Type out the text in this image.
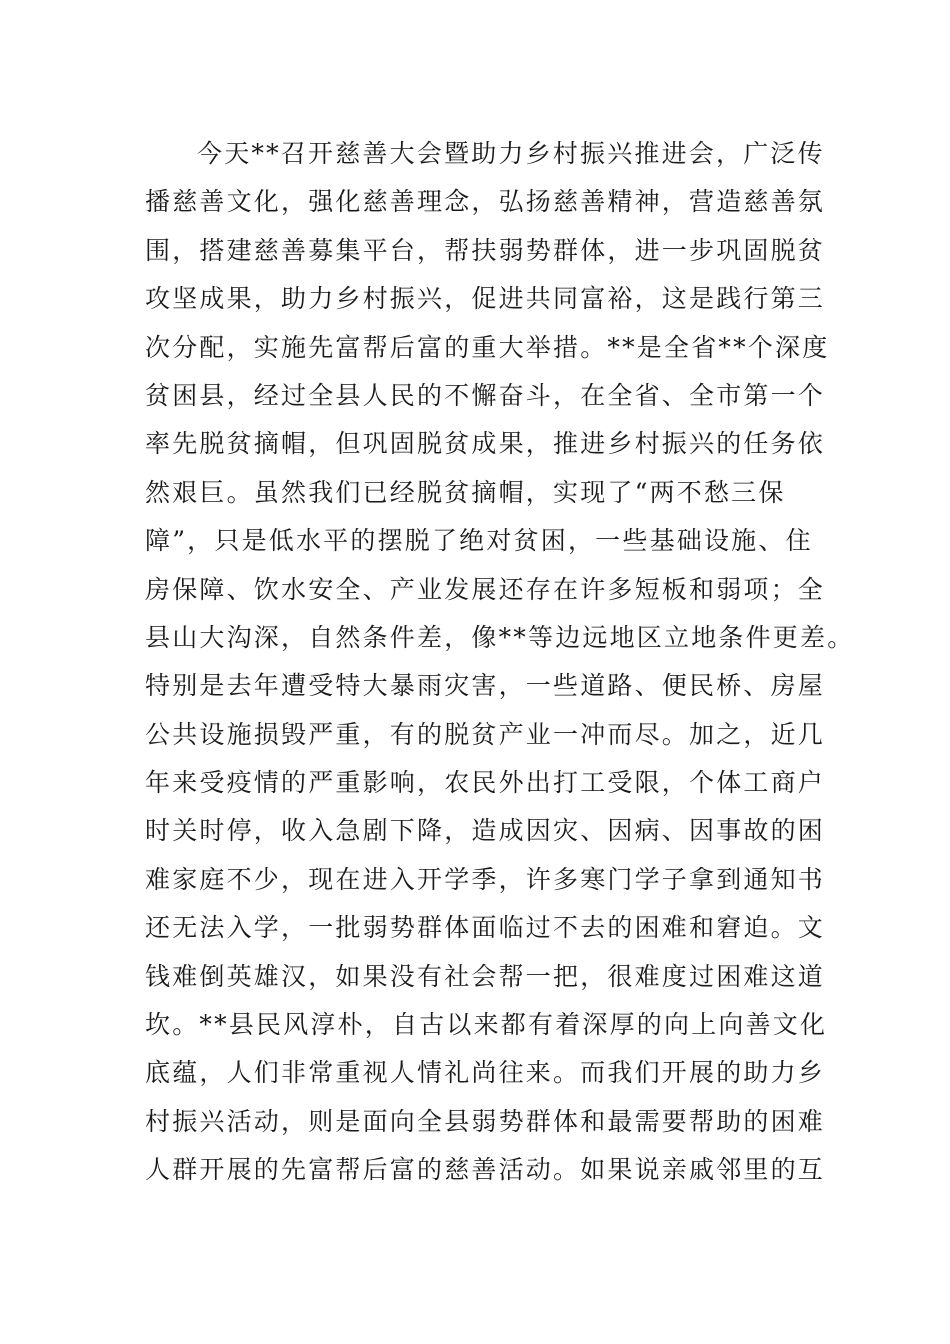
今天**召开慈善大会暨助力乡村振兴推进会，广泛传
播慈善文化，强化慈善理念，弘扬慈善精神，营造慈善氛
围，搭建慈善募集平台，帮扶弱势群体，进一步巩固脱贫
攻坚成果，助力乡村振兴，促进共同富裕，这是践行第三
次分配，实施先富帮后富的重大举措。**是全省**个深度
贫困县，经过全县人民的不懈奋斗，在全省、全市第一个
率先脱贫摘帽，但巩固脱贫成果，推进乡村振兴的任务依
然艰巨。虽然我们已经脱贫摘帽，实现了“两不愁三保
障”，只是低水平的摆脱了绝对贫困，一些基础设施、住
房保障、饮水安全、产业发展还存在许多短板和弱项；全
县山大沟深，自然条件差，像**等边远地区立地条件更差。
特别是去年遭受特大暴雨灾害，一些道路、便民桥、房屋
公共设施损毁严重，有的脱贫产业一冲而尽。加之，近几
年来受疫情的严重影响，农民外出打工受限，个体工商户
时关时停，收入急剧下降，造成因灾、因病、因事故的困
难家庭不少，现在进入开学季，许多寒门学子拿到通知书
还无法入学，一批弱势群体面临过不去的困难和窘迫。文
钱难倒英雄汉，如果没有社会帮一把，很难度过困难这道
坎。**县民风淳朴，自古以来都有着深厚的向上向善文化
底蕴，人们非常重视人情礼尚往来。而我们开展的助力乡
村振兴活动，则是面向全县弱势群体和最需要帮助的困难
人群开展的先富帮后富的慈善活动。如果说亲戚邻里的互
